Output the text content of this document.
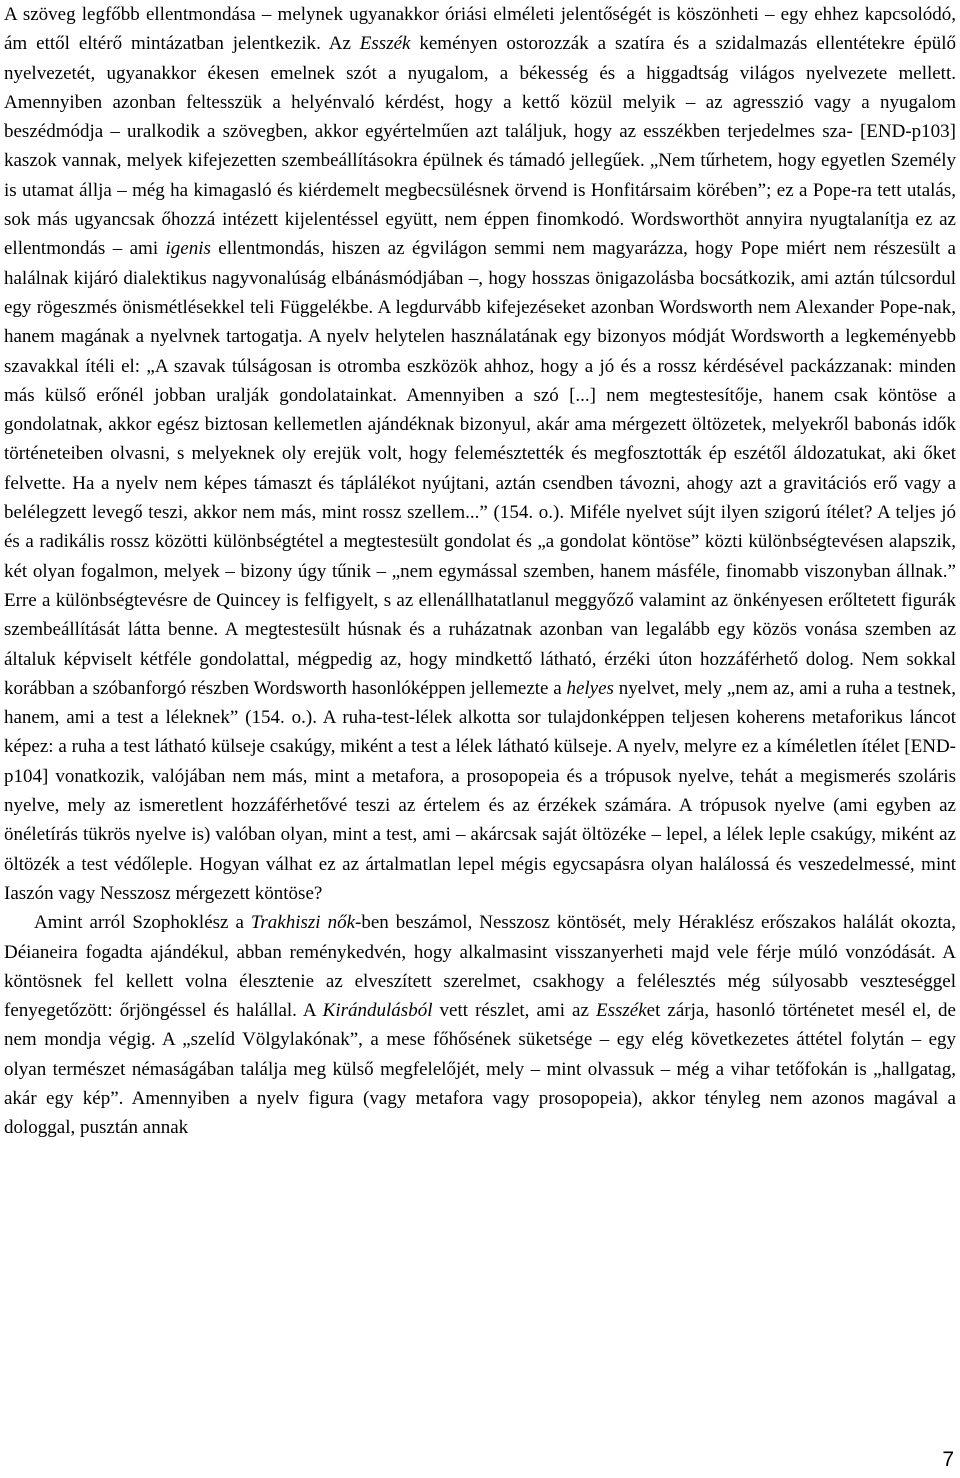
A szöveg legfőbb ellentmondása – melynek ugyanakkor óriási elméleti jelentőségét is köszönheti – egy ehhez kapcsolódó, ám ettől eltérő mintázatban jelentkezik. Az Esszék keményen ostorozzák a szatíra és a szidalmazás ellentétekre épülő nyelvezetét, ugyanakkor ékesen emelnek szót a nyugalom, a békesség és a higgadtság világos nyelvezete mellett. Amennyiben azonban feltesszük a helyénvaló kérdést, hogy a kettő közül melyik – az agresszió vagy a nyugalom beszédmódja – uralkodik a szövegben, akkor egyértelműen azt találjuk, hogy az esszékben terjedelmes sza- [END-p103] kaszok vannak, melyek kifejezetten szembeállításokra épülnek és támadó jellegűek. „Nem tűrhetem, hogy egyetlen Személy is utamat állja – még ha kimagasló és kiérdemelt megbecsülésnek örvend is Honfitársaim körében”; ez a Pope-ra tett utalás, sok más ugyancsak őhozzá intézett kijelentéssel együtt, nem éppen finomkodó. Wordsworthöt annyira nyugtalanítja ez az ellentmondás – ami igenis ellentmondás, hiszen az égvilágon semmi nem magyarázza, hogy Pope miért nem részesült a halálnak kijáró dialektikus nagyvonalúság elbánásmódjában –, hogy hosszas önigazolásba bocsátkozik, ami aztán túlcsordul egy rögeszmés önismétlésekkel teli Függelékbe. A legdurvább kifejezéseket azonban Wordsworth nem Alexander Pope-nak, hanem magának a nyelvnek tartogatja. A nyelv helytelen használatának egy bizonyos módját Wordsworth a legkeményebb szavakkal ítéli el: „A szavak túlságosan is otromba eszközök ahhoz, hogy a jó és a rossz kérdésével packázzanak: minden más külső erőnél jobban uralják gondolatainkat. Amennyiben a szó [...] nem megtestesítője, hanem csak köntöse a gondolatnak, akkor egész biztosan kellemetlen ajándéknak bizonyul, akár ama mérgezett öltözetek, melyekről babonás idők történeteiben olvasni, s melyeknek oly erejük volt, hogy felemésztették és megfosztották ép eszétől áldozatukat, aki őket felvette. Ha a nyelv nem képes támaszt és táplálékot nyújtani, aztán csendben távozni, ahogy azt a gravitációs erő vagy a belélegzett levegő teszi, akkor nem más, mint rossz szellem...” (154. o.). Miféle nyelvet sújt ilyen szigorú ítélet? A teljes jó és a radikális rossz közötti különbségtétel a megtestesült gondolat és „a gondolat köntöse” közti különbségtevésen alapszik, két olyan fogalmon, melyek – bizony úgy tűnik – „nem egymással szemben, hanem másféle, finomabb viszonyban állnak.” Erre a különbségtevésre de Quincey is felfigyelt, s az ellenállhatatlanul meggyőző valamint az önkényesen erőltetett figurák szembeállítását látta benne. A megtestesült húsnak és a ruházatnak azonban van legalább egy közös vonása szemben az általuk képviselt kétféle gondolattal, mégpedig az, hogy mindkettő látható, érzéki úton hozzáférhető dolog. Nem sokkal korábban a szóbanforgó részben Wordsworth hasonlóképpen jellemezte a helyes nyelvet, mely „nem az, ami a ruha a testnek, hanem, ami a test a léleknek” (154. o.). A ruha-test-lélek alkotta sor tulajdonképpen teljesen koherens metaforikus láncot képez: a ruha a test látható külseje csakúgy, miként a test a lélek látható külseje. A nyelv, melyre ez a kíméletlen ítélet [END-p104] vonatkozik, valójában nem más, mint a metafora, a prosopopeia és a trópusok nyelve, tehát a megismerés szoláris nyelve, mely az ismeretlent hozzáférhetővé teszi az értelem és az érzékek számára. A trópusok nyelve (ami egyben az önéletírás tükrös nyelve is) valóban olyan, mint a test, ami – akárcsak saját öltözéke – lepel, a lélek leple csakúgy, miként az öltözék a test védőleple. Hogyan válhat ez az ártalmatlan lepel mégis egycsapásra olyan halálossá és veszedelmessé, mint Iaszón vagy Nesszosz mérgezett köntöse?

Amint arról Szophoklész a Trakhiszi nők-ben beszámol, Nesszosz köntösét, mely Héraklész erőszakos halálát okozta, Déianeira fogadta ajándékul, abban reménykedvén, hogy alkalmasint visszanyerheti majd vele férje múló vonzódását. A köntösnek fel kellett volna élesztenie az elveszített szerelmet, csakhogy a felélesztés még súlyosabb veszteséggel fenyegetőzött: őrjöngéssel és halállal. A Kirándulásból vett részlet, ami az Esszéket zárja, hasonló történetet mesél el, de nem mondja végig. A „szelíd Völgylakónak”, a mese főhősének süketsége – egy elég következetes áttétel folytán – egy olyan természet némaságában találja meg külső megfelelőjét, mely – mint olvassuk – még a vihar tetőfokán is „hallgatag, akár egy kép”. Amennyiben a nyelv figura (vagy metafora vagy prosopopeia), akkor tényleg nem azonos magával a dologgal, pusztán annak

7
